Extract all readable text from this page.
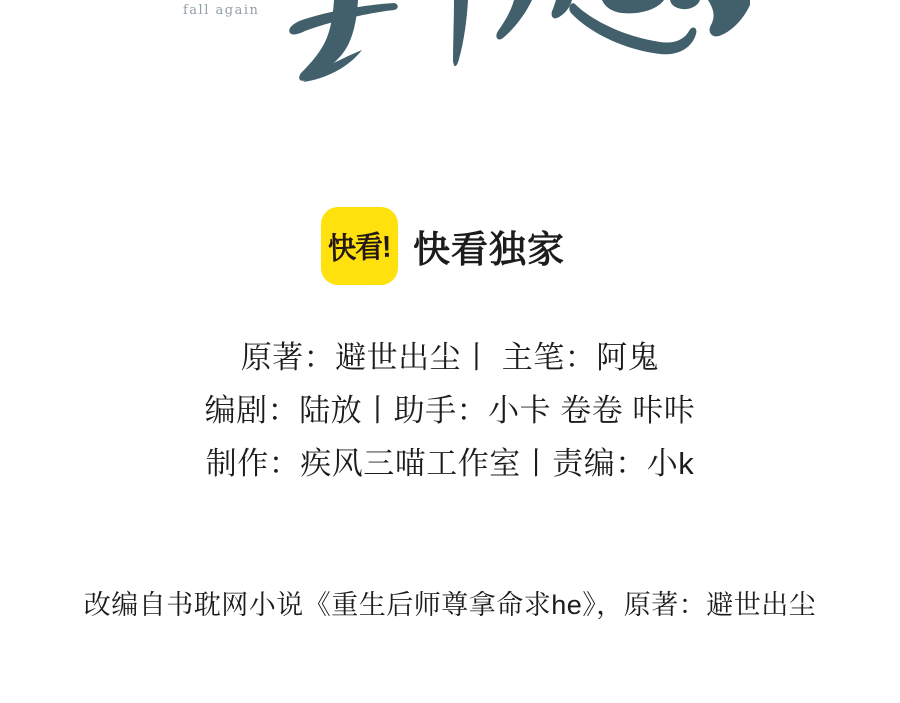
fall again
快看! 快看独家
原著：避世出尘丨 主笔：阿鬼
编剧：陆放丨助手：小卡 卷卷 咔咔
制作：疾风三喵工作室丨责编：小k
改编自书耽网小说《重生后师尊拿命求he》，原著：避世出尘
